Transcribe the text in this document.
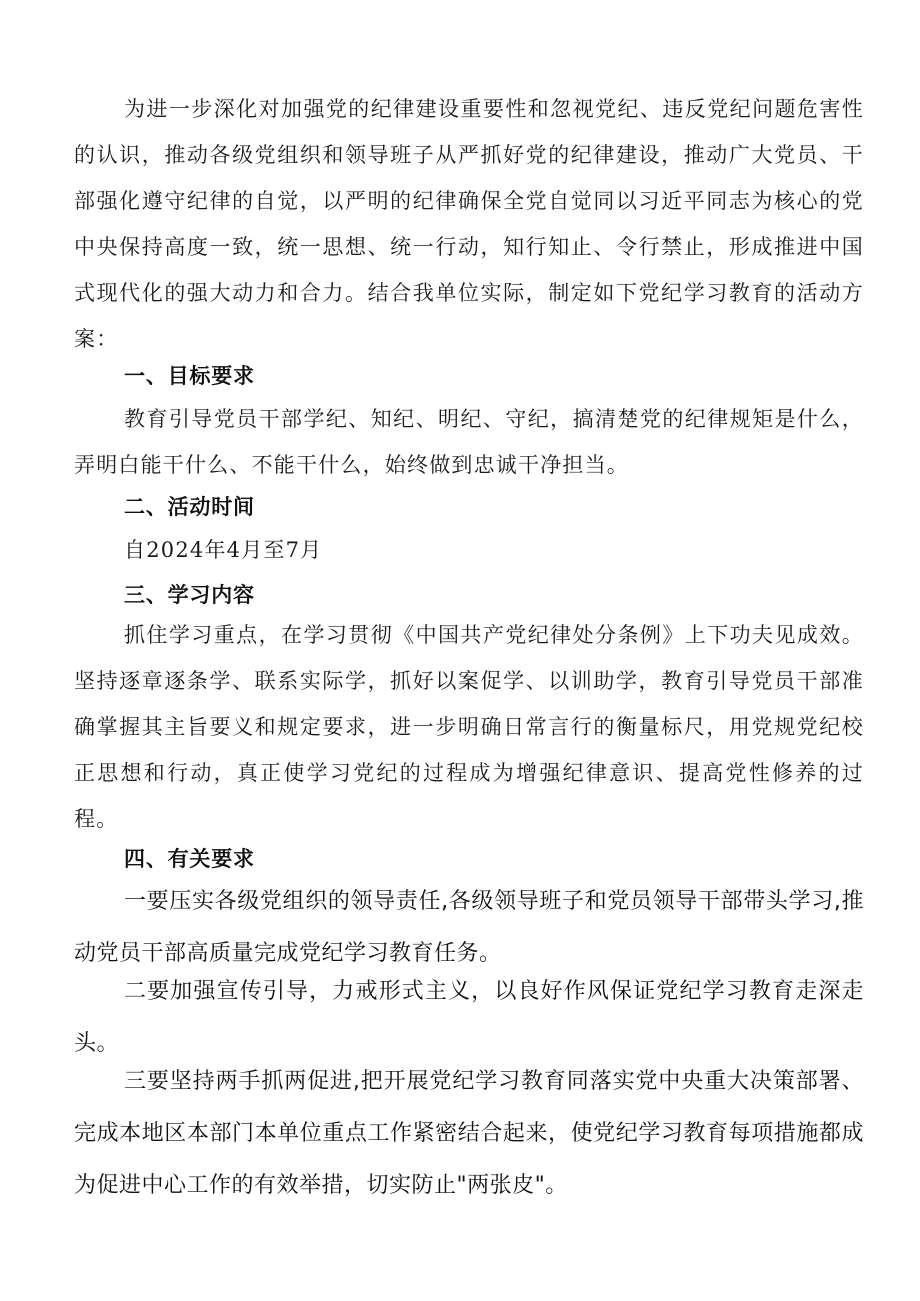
为进一步深化对加强党的纪律建设重要性和忽视党纪、违反党纪问题危害性的认识，推动各级党组织和领导班子从严抓好党的纪律建设，推动广大党员、干部强化遵守纪律的自觉，以严明的纪律确保全党自觉同以习近平同志为核心的党中央保持高度一致，统一思想、统一行动，知行知止、令行禁止，形成推进中国式现代化的强大动力和合力。结合我单位实际，制定如下党纪学习教育的活动方案：

一、目标要求

教育引导党员干部学纪、知纪、明纪、守纪，搞清楚党的纪律规矩是什么，弄明白能干什么、不能干什么，始终做到忠诚干净担当。

二、活动时间

自2024年4月至7月

三、学习内容

抓住学习重点，在学习贯彻《中国共产党纪律处分条例》上下功夫见成效。坚持逐章逐条学、联系实际学，抓好以案促学、以训助学，教育引导党员干部准确掌握其主旨要义和规定要求，进一步明确日常言行的衡量标尺，用党规党纪校正思想和行动，真正使学习党纪的过程成为增强纪律意识、提高党性修养的过程。

四、有关要求

一要压实各级党组织的领导责任,各级领导班子和党员领导干部带头学习,推动党员干部高质量完成党纪学习教育任务。

二要加强宣传引导，力戒形式主义，以良好作风保证党纪学习教育走深走头。

三要坚持两手抓两促进,把开展党纪学习教育同落实党中央重大决策部署、完成本地区本部门本单位重点工作紧密结合起来，使党纪学习教育每项措施都成为促进中心工作的有效举措，切实防止"两张皮"。
